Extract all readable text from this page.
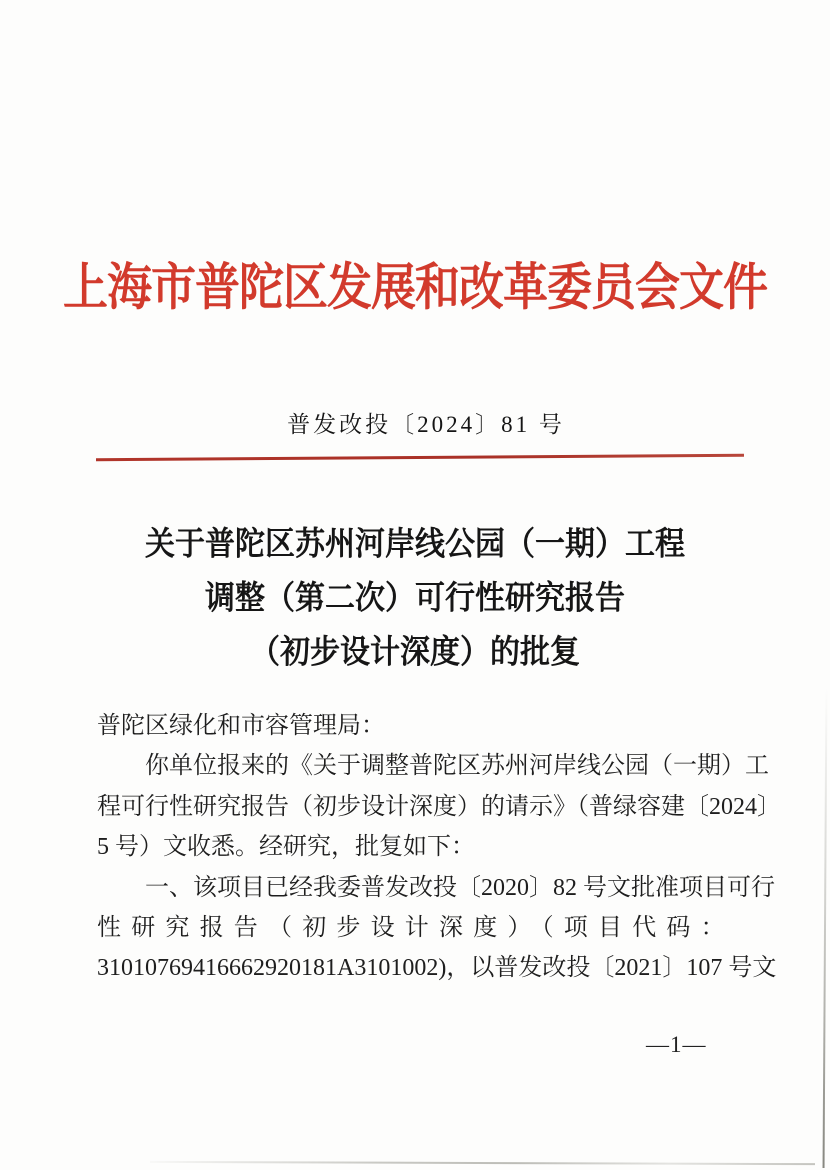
上海市普陀区发展和改革委员会文件
普发改投〔2024〕81 号
关于普陀区苏州河岸线公园（一期）工程
调整（第二次）可行性研究报告
（初步设计深度）的批复
普陀区绿化和市容管理局：
你单位报来的《关于调整普陀区苏州河岸线公园（一期）工
程可行性研究报告（初步设计深度）的请示》（普绿容建〔2024〕
5 号）文收悉。经研究，批复如下：
一、该项目已经我委普发改投〔2020〕82 号文批准项目可行
性研究报告（初步设计深度）（项目代码：
31010769416662920181A3101002)，以普发改投〔2021〕107 号文
—1—
